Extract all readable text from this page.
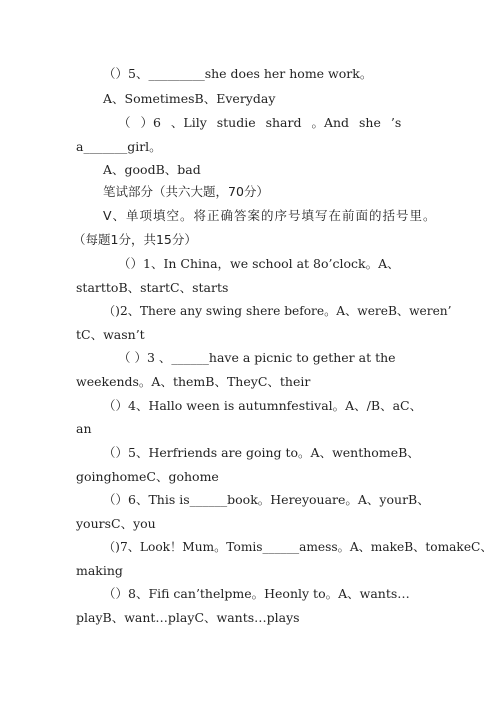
（）5、_________she does her home work。
A、SometimesB、Everyday
（ ）6 、Lily studie shard 。And she ’s
a_______girl。
A、goodB、bad
笔试部分（共六大题，70分）
Ⅴ、单项填空。将正确答案的序号填写在前面的括号里。
（每题1分，共15分）
（）1、In China，we school at 8o’clock。A、
starttoB、startC、starts
（)2、There any swing shere before。A、wereB、weren’
tC、wasn’t
（ ）3 、______have a picnic to gether at the
weekends。A、themB、TheyC、their
（）4、Hallo ween is autumnfestival。A、/B、aC、
an
（）5、Herfriends are going to。A、wenthomeB、
goinghomeC、gohome
（）6、This is______book。Hereyouare。A、yourB、
yoursC、you
（)7、Look！Mum。Tomis______amess。A、makeB、tomakeC、
making
（）8、Fifi can’thelpme。Heonly to。A、wants…
playB、want…playC、wants…plays
